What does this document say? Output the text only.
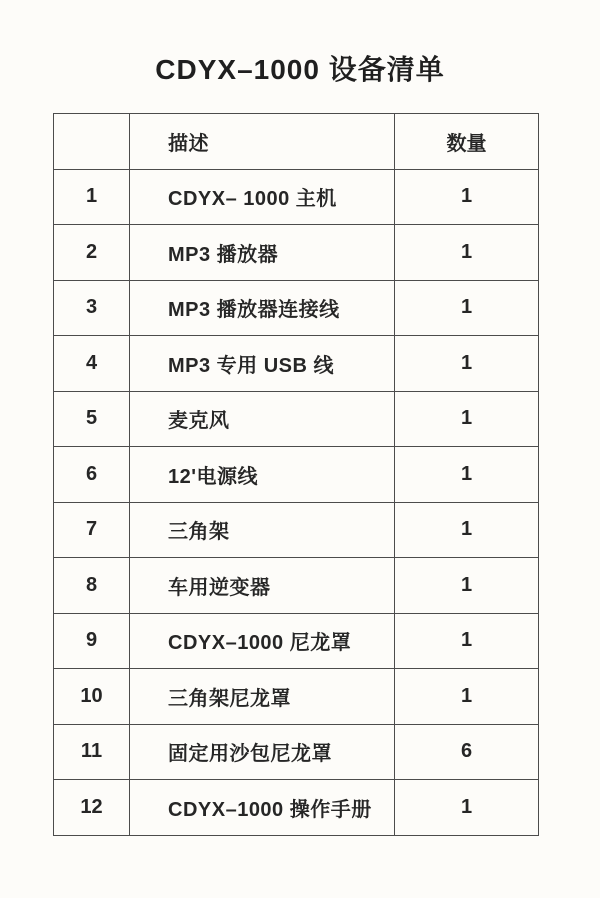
CDYX–1000 设备清单
	描述	数量
1	CDYX– 1000 主机	1
2	MP3 播放器	1
3	MP3 播放器连接线	1
4	MP3 专用 USB 线	1
5	麦克风	1
6	12'电源线	1
7	三角架	1
8	车用逆变器	1
9	CDYX–1000 尼龙罩	1
10	三角架尼龙罩	1
11	固定用沙包尼龙罩	6
12	CDYX–1000 操作手册	1
